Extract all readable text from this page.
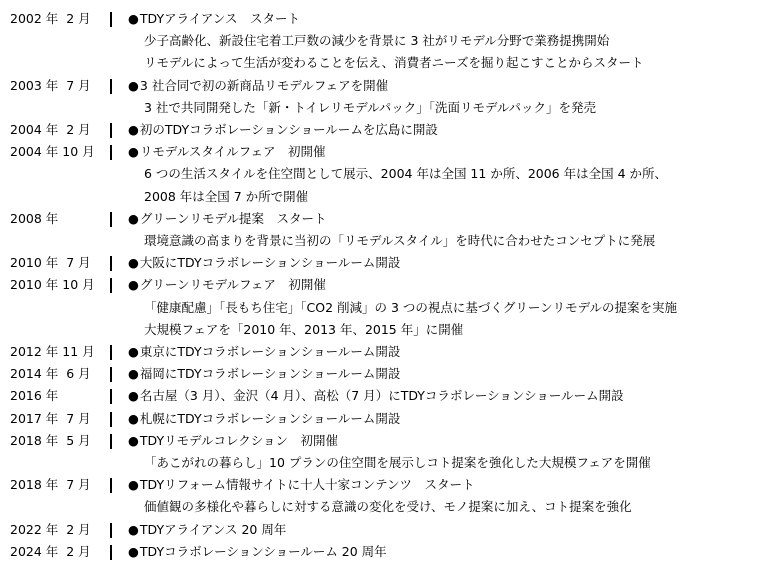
2002 年  2 月	● TDYアライアンス　スタート
少子高齢化、新設住宅着工戸数の減少を背景に 3 社がリモデル分野で業務提携開始
リモデルによって生活が変わることを伝え、消費者ニーズを掘り起こすことからスタート
2003 年  7 月	● 3 社合同で初の新商品リモデルフェアを開催
3 社で共同開発した「新・トイレリモデルパック」「洗面リモデルパック」を発売
2004 年  2 月	● 初のTDYコラボレーションショールームを広島に開設
2004 年 10 月	● リモデルスタイルフェア　初開催
6 つの生活スタイルを住空間として展示、2004 年は全国 11 か所、2006 年は全国 4 か所、
2008 年は全国 7 か所で開催
2008 年	● グリーンリモデル提案　スタート
環境意識の高まりを背景に当初の「リモデルスタイル」を時代に合わせたコンセプトに発展
2010 年  7 月	● 大阪にTDYコラボレーションショールーム開設
2010 年 10 月	● グリーンリモデルフェア　初開催
「健康配慮」「長もち住宅」「CO2 削減」の 3 つの視点に基づくグリーンリモデルの提案を実施
大規模フェアを「2010 年、2013 年、2015 年」に開催
2012 年 11 月	● 東京にTDYコラボレーションショールーム開設
2014 年  6 月	● 福岡にTDYコラボレーションショールーム開設
2016 年	● 名古屋（3 月）、金沢（4 月）、高松（7 月）にTDYコラボレーションショールーム開設
2017 年  7 月	● 札幌にTDYコラボレーションショールーム開設
2018 年  5 月	● TDYリモデルコレクション　初開催
「あこがれの暮らし」10 プランの住空間を展示しコト提案を強化した大規模フェアを開催
2018 年  7 月	● TDYリフォーム情報サイトに十人十家コンテンツ　スタート
価値観の多様化や暮らしに対する意識の変化を受け、モノ提案に加え、コト提案を強化
2022 年  2 月	● TDYアライアンス 20 周年
2024 年  2 月	● TDYコラボレーションショールーム 20 周年
